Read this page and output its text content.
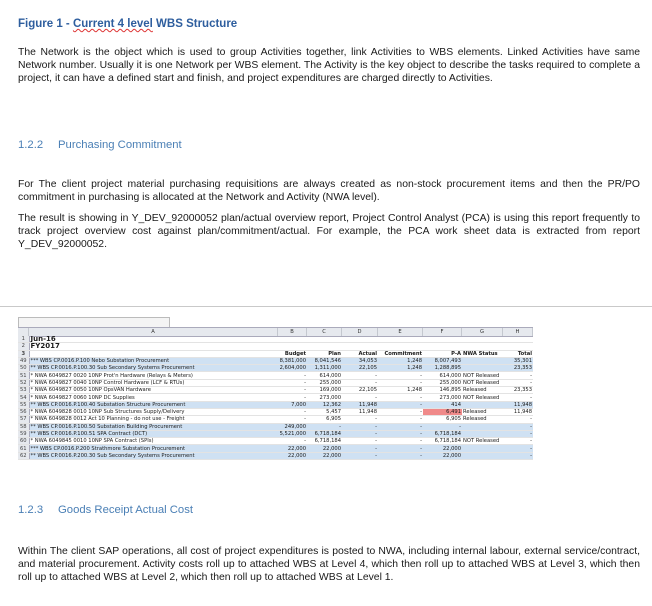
Figure 1 - Current 4 level WBS Structure
The Network is the object which is used to group Activities together, link Activities to WBS elements. Linked Activities have same Network number. Usually it is one Network per WBS element. The Activity is the key object to describe the tasks required to complete a project, it can have a defined start and finish, and project expenditures are charged directly to Activities.
1.2.2 Purchasing Commitment
For The client project material purchasing requisitions are always created as non-stock procurement items and then the PR/PO commitment in purchasing is allocated at the Network and Activity (NWA level).
The result is showing in Y_DEV_92000052 plan/actual overview report, Project Control Analyst (PCA) is using this report frequently to track project overview cost against plan/commitment/actual. For example, the PCA work sheet data is extracted from report Y_DEV_92000052.
A	B	C	D	E	F	G	H
1	Jun-16							
2	FY2017							
3		Budget	Plan	Actual	Commitment	P-A	NWA Status	Total
49	*** WBS CP.0016.P.100 Nebo Substation Procurement	8,381,000	8,041,546	34,053	1,248	8,007,493		35,301
50	** WBS CP.0016.P.100.30 Sub Secondary Systems Procurement	2,604,000	1,311,000	22,105	1,248	1,288,895		23,353
51	* NWA 6049827 0020 10NP Prot'n Hardware (Relays & Meters)	-	614,000	-	-	614,000	NOT Released	-
52	* NWA 6049827 0040 10NP Control Hardware (LCF & RTUs)	-	255,000	-	-	255,000	NOT Released	-
53	* NWA 6049827 0050 10NP OpsVAN Hardware	-	169,000	22,105	1,248	146,895	Released	23,353
54	* NWA 6049827 0060 10NP DC Supplies	-	273,000	-	-	273,000	NOT Released	-
55	** WBS CP.0016.P.100.40 Substation Structure Procurement	7,000	12,362	11,948	-	414		11,948
56	* NWA 6049828 0010 10NP Sub Structures Supply/Delivery	-	5,457	11,948	-	6,491	Released	11,948
57	* NWA 6049828 0012 Act 10 Planning - do not use - Freight	-	6,905	-	-	6,905	Released	-
58	** WBS CP.0016.P.100.50 Substation Building Procurement	249,000	-	-	-	-		-
59	** WBS CP.0016.P.100.51 SPA Contract (DCT)	5,521,000	6,718,184	-	-	6,718,184		-
60	* NWA 6049845 0010 10NP SPA Contract (SPIs)	-	6,718,184	-	-	6,718,184	NOT Released	-
61	*** WBS CP.0016.P.200 Strathmore Substation Procurement	22,000	22,000	-	-	22,000		-
62	** WBS CP.0016.P.200.30 Sub Secondary Systems Procurement	22,000	22,000	-	-	22,000		-
1.2.3 Goods Receipt Actual Cost
Within The client SAP operations, all cost of project expenditures is posted to NWA, including internal labour, external service/contract, and material procurement. Activity costs roll up to attached WBS at Level 4, which then roll up to attached WBS at Level 3, which then roll up to attached WBS at Level 2, which then roll up to attached WBS at Level 1.
